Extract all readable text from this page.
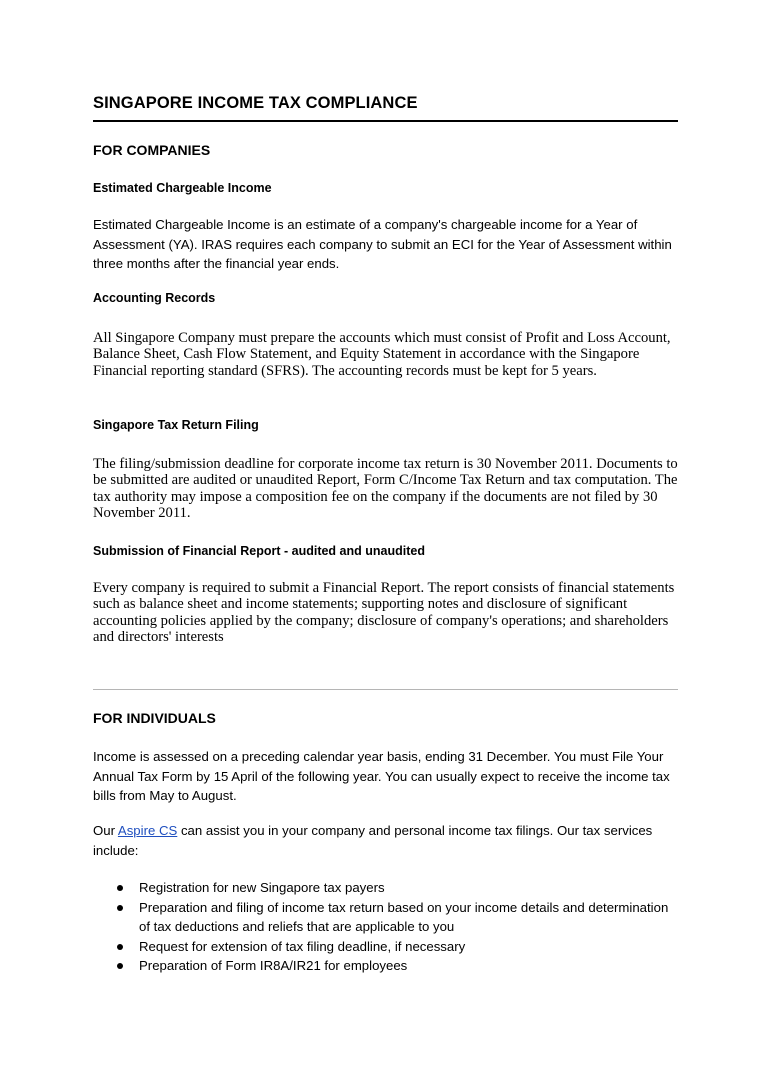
SINGAPORE INCOME TAX COMPLIANCE
FOR COMPANIES
Estimated Chargeable Income

Estimated Chargeable Income is an estimate of a company's chargeable income for a Year of Assessment (YA). IRAS requires each company to submit an ECI for the Year of Assessment within three months after the financial year ends.

Accounting Records

All Singapore Company must prepare the accounts which must consist of Profit and Loss Account, Balance Sheet, Cash Flow Statement, and Equity Statement in accordance with the Singapore Financial reporting standard (SFRS). The accounting records must be kept for 5 years.

Singapore Tax Return Filing

The filing/submission deadline for corporate income tax return is 30 November 2011. Documents to be submitted are audited or unaudited Report, Form C/Income Tax Return and tax computation. The tax authority may impose a composition fee on the company if the documents are not filed by 30 November 2011.

Submission of Financial Report - audited and unaudited

Every company is required to submit a Financial Report. The report consists of financial statements such as balance sheet and income statements; supporting notes and disclosure of significant accounting policies applied by the company; disclosure of company's operations; and shareholders and directors' interests

FOR INDIVIDUALS

Income is assessed on a preceding calendar year basis, ending 31 December. You must File Your Annual Tax Form by 15 April of the following year. You can usually expect to receive the income tax bills from May to August.

Our Aspire CS can assist you in your company and personal income tax filings. Our tax services include:

Registration for new Singapore tax payers
Preparation and filing of income tax return based on your income details and determination of tax deductions and reliefs that are applicable to you
Request for extension of tax filing deadline, if necessary
Preparation of Form IR8A/IR21 for employees
